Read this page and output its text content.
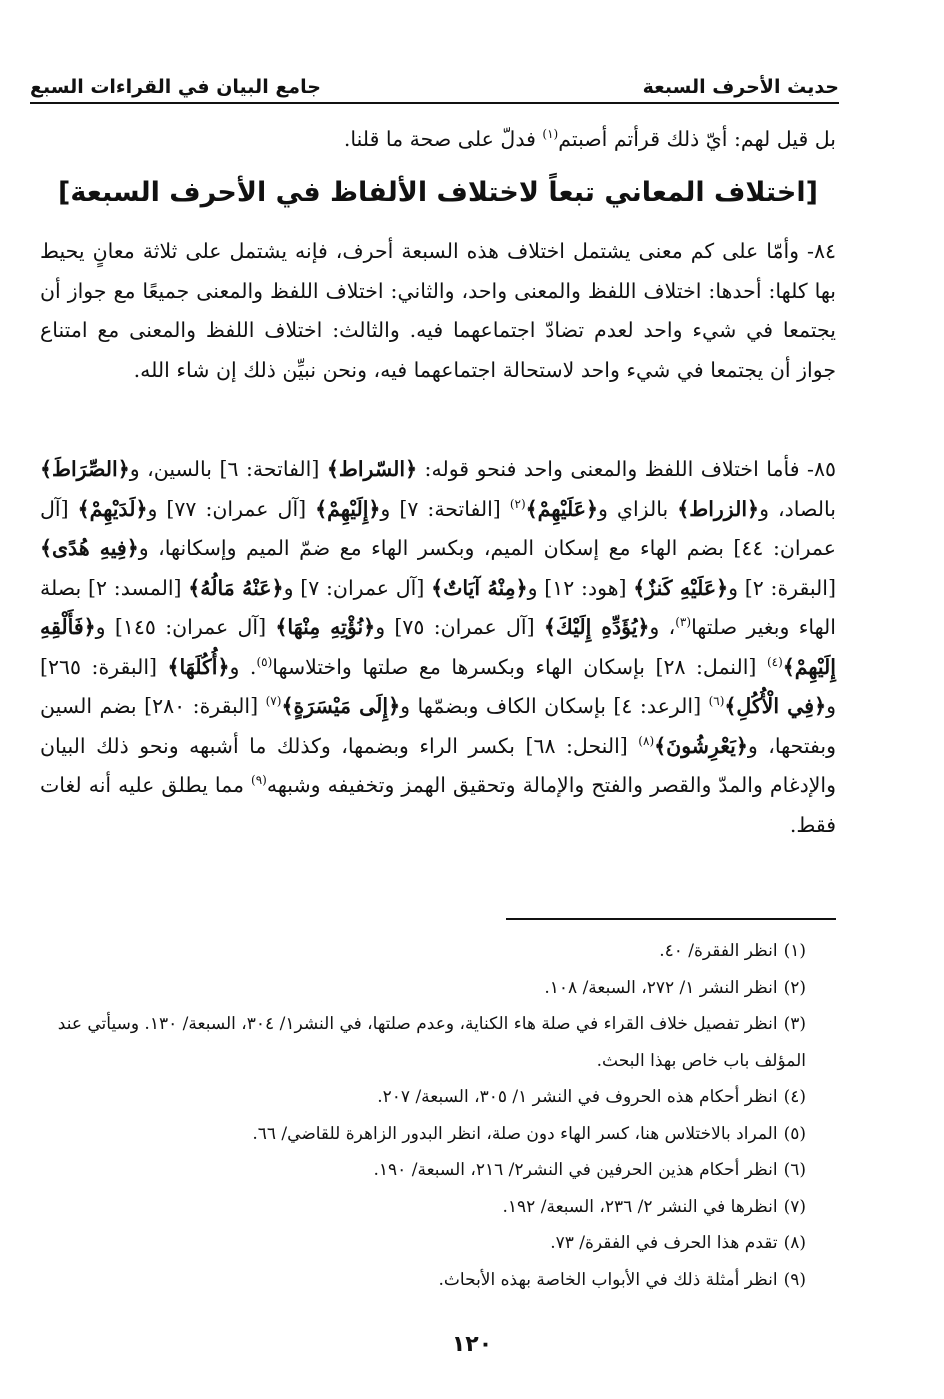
حديث الأحرف السبعة
جامع البيان في القراءات السبع
بل قيل لهم: أيّ ذلك قرأتم أصبتم$^{(١)}$ فدلّ على صحة ما قلنا.
[اختلاف المعاني تبعاً لاختلاف الألفاظ في الأحرف السبعة]
٨٤- وأمّا على كم معنى يشتمل اختلاف هذه السبعة أحرف، فإنه يشتمل على ثلاثة معانٍ يحيط بها كلها: أحدها: اختلاف اللفظ والمعنى واحد، والثاني: اختلاف اللفظ والمعنى جميعًا مع جواز أن يجتمعا في شيء واحد لعدم تضادّ اجتماعهما فيه. والثالث: اختلاف اللفظ والمعنى مع امتناع جواز أن يجتمعا في شيء واحد لاستحالة اجتماعهما فيه، ونحن نبيِّن ذلك إن شاء الله.
٨٥- فأما اختلاف اللفظ والمعنى واحد فنحو قوله: ﴿السّراط﴾ [الفاتحة: ٦] بالسين، و﴿الصِّرَاطَ﴾ بالصاد، و﴿الزراط﴾ بالزاي و﴿عَلَيْهِمْ﴾$^{(٢)}$ [الفاتحة: ٧] و﴿إِلَيْهِمْ﴾ [آل عمران: ٧٧] و﴿لَدَيْهِمْ﴾ [آل عمران: ٤٤] بضم الهاء مع إسكان الميم، وبكسر الهاء مع ضمّ الميم وإسكانها، و﴿فِيهِ هُدًى﴾ [البقرة: ٢] و﴿عَلَيْهِ كَنزٌ﴾ [هود: ١٢] و﴿مِنْهُ آيَاتٌ﴾ [آل عمران: ٧] و﴿عَنْهُ مَالُهُ﴾ [المسد: ٢] بصلة الهاء وبغير صلتها$^{(٣)}$، و﴿يُؤَدِّهِ إِلَيْكَ﴾ [آل عمران: ٧٥] و﴿نُؤْتِهِ مِنْهَا﴾ [آل عمران: ١٤٥] و﴿فَأَلْقِهِ إِلَيْهِمْ﴾$^{(٤)}$ [النمل: ٢٨] بإسكان الهاء وبكسرها مع صلتها واختلاسها$^{(٥)}$. و﴿أُكُلَهَا﴾ [البقرة: ٢٦٥] و﴿فِي الْأُكُلِ﴾$^{(٦)}$ [الرعد: ٤] بإسكان الكاف وبضمّها و﴿إِلَى مَيْسَرَةٍ﴾$^{(٧)}$ [البقرة: ٢٨٠] بضم السين وبفتحها، و﴿يَعْرِشُونَ﴾$^{(٨)}$ [النحل: ٦٨] بكسر الراء وبضمها، وكذلك ما أشبهه ونحو ذلك البيان والإدغام والمدّ والقصر والفتح والإمالة وتحقيق الهمز وتخفيفه وشبهه$^{(٩)}$ مما يطلق عليه أنه لغات فقط.
(١)انظر الفقرة/ ٤٠.
(٢)انظر النشر ١/ ٢٧٢، السبعة/ ١٠٨.
(٣)انظر تفصيل خلاف القراء في صلة هاء الكناية، وعدم صلتها، في النشر١/ ٣٠٤، السبعة/ ١٣٠. وسيأتي عند المؤلف باب خاص بهذا البحث.
(٤)انظر أحكام هذه الحروف في النشر ١/ ٣٠٥، السبعة/ ٢٠٧.
(٥)المراد بالاختلاس هنا، كسر الهاء دون صلة، انظر البدور الزاهرة للقاضي/ ٦٦.
(٦)انظر أحكام هذين الحرفين في النشر٢/ ٢١٦، السبعة/ ١٩٠.
(٧)انظرها في النشر ٢/ ٢٣٦، السبعة/ ١٩٢.
(٨)تقدم هذا الحرف في الفقرة/ ٧٣.
(٩)انظر أمثلة ذلك في الأبواب الخاصة بهذه الأبحاث.
١٢٠
